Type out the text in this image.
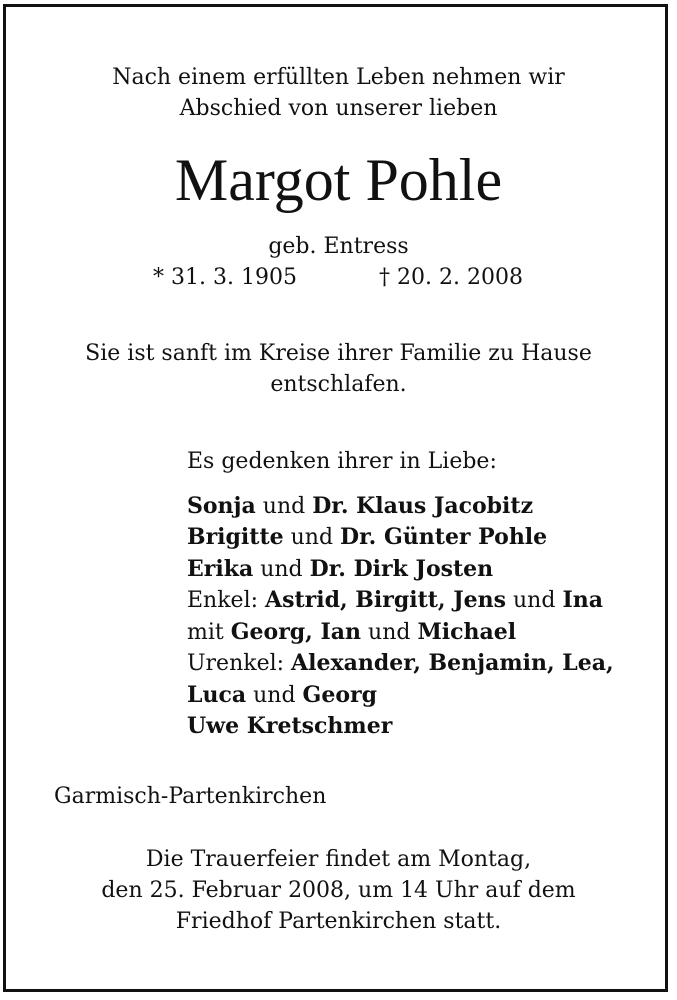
Nach einem erfüllten Leben nehmen wir
Abschied von unserer lieben
Margot Pohle
geb. Entress
* 31. 3. 1905	† 20. 2. 2008
Sie ist sanft im Kreise ihrer Familie zu Hause
entschlafen.
Es gedenken ihrer in Liebe:
Sonja und Dr. Klaus Jacobitz
Brigitte und Dr. Günter Pohle
Erika und Dr. Dirk Josten
Enkel: Astrid, Birgitt, Jens und Ina
mit Georg, Ian und Michael
Urenkel: Alexander, Benjamin, Lea,
Luca und Georg
Uwe Kretschmer
Garmisch-Partenkirchen
Die Trauerfeier findet am Montag,
den 25. Februar 2008, um 14 Uhr auf dem
Friedhof Partenkirchen statt.
